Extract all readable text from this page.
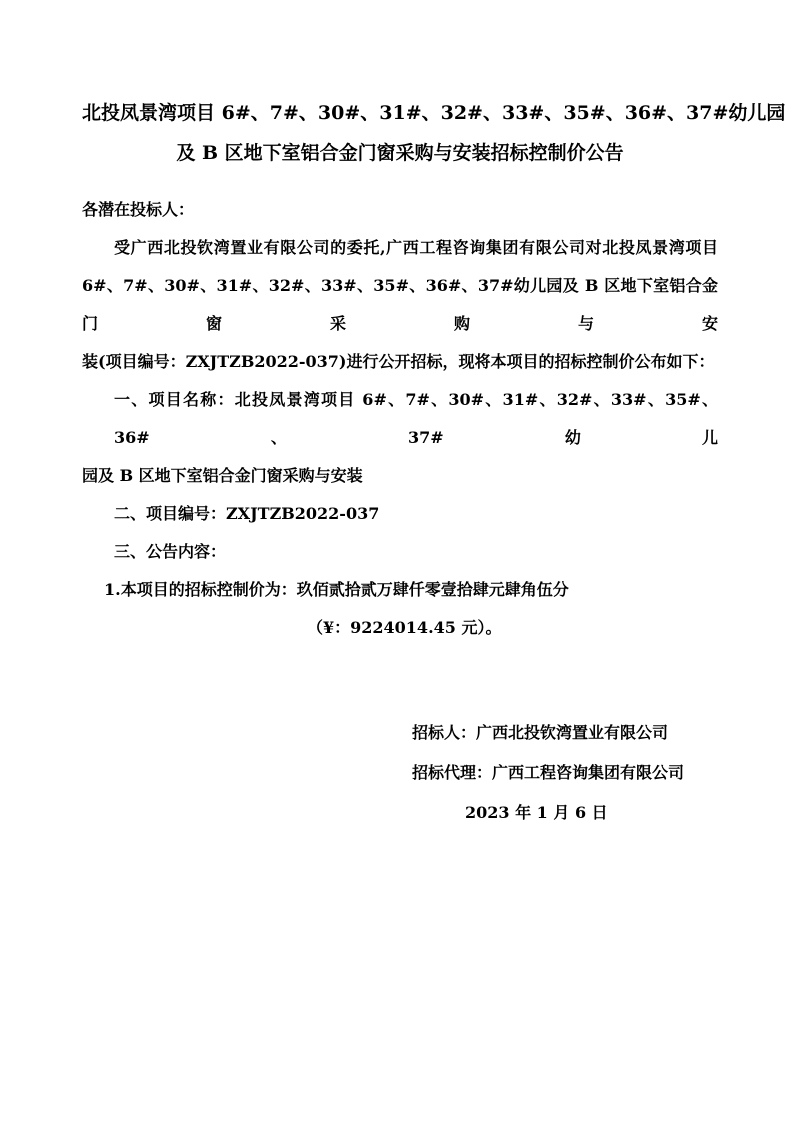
北投凤景湾项目 6#、7#、30#、31#、32#、33#、35#、36#、37#幼儿园
及 B 区地下室铝合金门窗采购与安装招标控制价公告
各潜在投标人：
受广西北投钦湾置业有限公司的委托,广西工程咨询集团有限公司对北投凤景湾项目
6#、7#、30#、31#、32#、33#、35#、36#、37#幼儿园及 B 区地下室铝合金门窗采购与安
装(项目编号：ZXJTZB2022-037)进行公开招标，现将本项目的招标控制价公布如下：
一、项目名称：北投凤景湾项目 6#、7#、30#、31#、32#、33#、35#、36#、37#幼儿
园及 B 区地下室铝合金门窗采购与安装
二、项目编号：ZXJTZB2022-037
三、公告内容：
1.本项目的招标控制价为：玖佰贰拾贰万肆仟零壹拾肆元肆角伍分
（¥：9224014.45 元）。
招标人：广西北投钦湾置业有限公司
招标代理：广西工程咨询集团有限公司
2023 年 1 月 6 日
